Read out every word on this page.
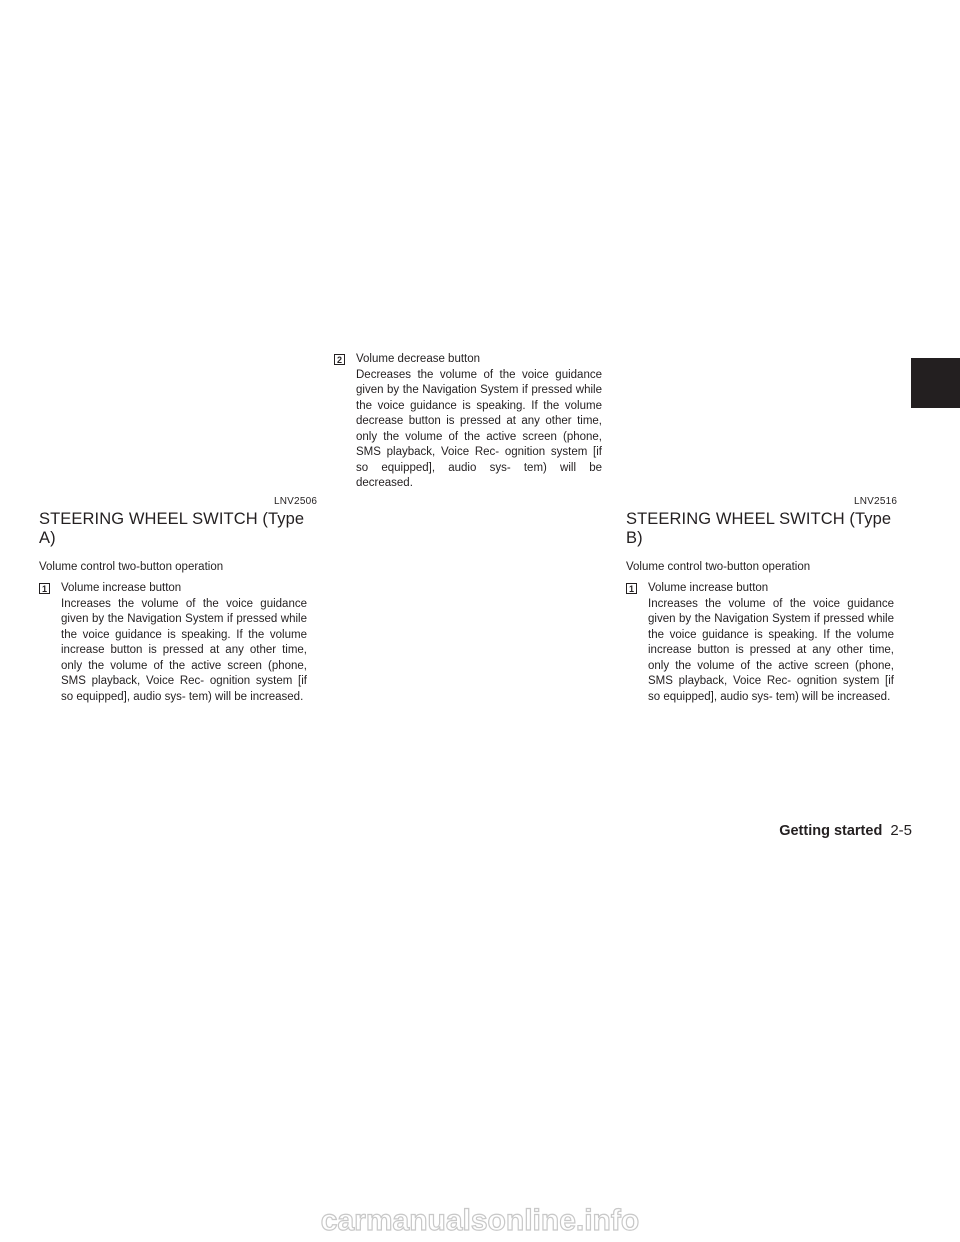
LNV2506	LNV2516
STEERING WHEEL SWITCH (Type A)
Volume control two-button operation
1 Volume increase button
Increases the volume of the voice guidance given by the Navigation System if pressed while the voice guidance is speaking. If the volume increase button is pressed at any other time, only the volume of the active screen (phone, SMS playback, Voice Rec- ognition system [if so equipped], audio sys- tem) will be increased.
2 Volume decrease button
Decreases the volume of the voice guidance given by the Navigation System if pressed while the voice guidance is speaking. If the volume decrease button is pressed at any other time, only the volume of the active screen (phone, SMS playback, Voice Rec- ognition system [if so equipped], audio sys- tem) will be decreased.
STEERING WHEEL SWITCH (Type B)
Volume control two-button operation
1 Volume increase button
Increases the volume of the voice guidance given by the Navigation System if pressed while the voice guidance is speaking. If the volume increase button is pressed at any other time, only the volume of the active screen (phone, SMS playback, Voice Rec- ognition system [if so equipped], audio sys- tem) will be increased.
Getting started 2-5
carmanualsonline.info
